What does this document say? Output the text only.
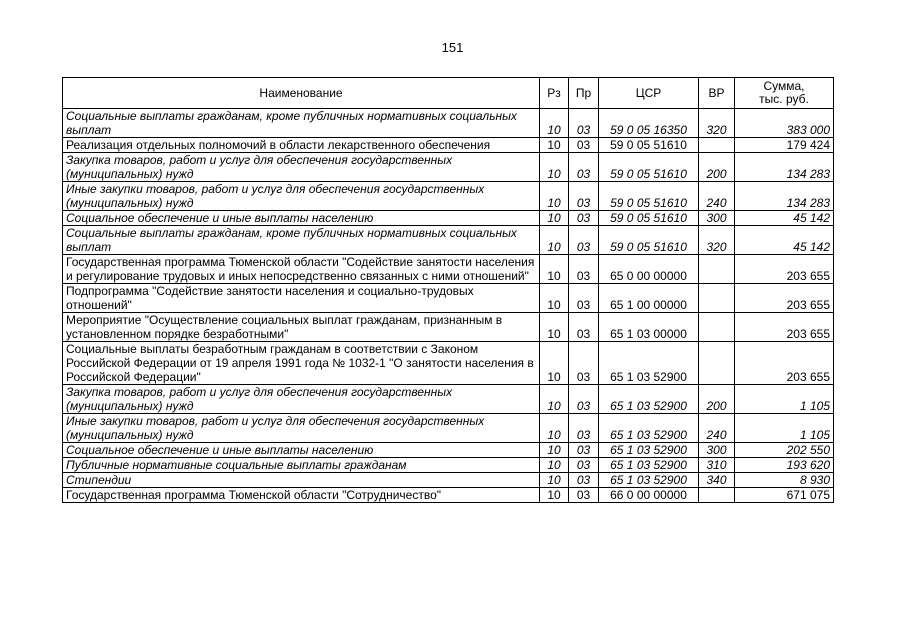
151
Наименование	Рз	Пр	ЦСР	ВР	Сумма,
тыс. руб.
Социальные выплаты гражданам, кроме публичных нормативных социальных выплат	10	03	59 0 05 16350	320	383 000
Реализация отдельных полномочий в области лекарственного обеспечения	10	03	59 0 05 51610		179 424
Закупка товаров, работ и услуг для обеспечения государственных (муниципальных) нужд	10	03	59 0 05 51610	200	134 283
Иные закупки товаров, работ и услуг для обеспечения государственных (муниципальных) нужд	10	03	59 0 05 51610	240	134 283
Социальное обеспечение и иные выплаты населению	10	03	59 0 05 51610	300	45 142
Социальные выплаты гражданам, кроме публичных нормативных социальных выплат	10	03	59 0 05 51610	320	45 142
Государственная программа Тюменской области "Содействие занятости населения и регулирование трудовых и иных непосредственно связанных с ними отношений"	10	03	65 0 00 00000		203 655
Подпрограмма "Содействие занятости населения и социально-трудовых отношений"	10	03	65 1 00 00000		203 655
Мероприятие "Осуществление социальных выплат гражданам, признанным в установленном порядке безработными"	10	03	65 1 03 00000		203 655
Социальные выплаты безработным гражданам в соответствии с Законом Российской Федерации от 19 апреля 1991 года № 1032-1 "О занятости населения в Российской Федерации"	10	03	65 1 03 52900		203 655
Закупка товаров, работ и услуг для обеспечения государственных (муниципальных) нужд	10	03	65 1 03 52900	200	1 105
Иные закупки товаров, работ и услуг для обеспечения государственных (муниципальных) нужд	10	03	65 1 03 52900	240	1 105
Социальное обеспечение и иные выплаты населению	10	03	65 1 03 52900	300	202 550
Публичные нормативные социальные выплаты гражданам	10	03	65 1 03 52900	310	193 620
Стипендии	10	03	65 1 03 52900	340	8 930
Государственная программа Тюменской области "Сотрудничество"	10	03	66 0 00 00000		671 075
